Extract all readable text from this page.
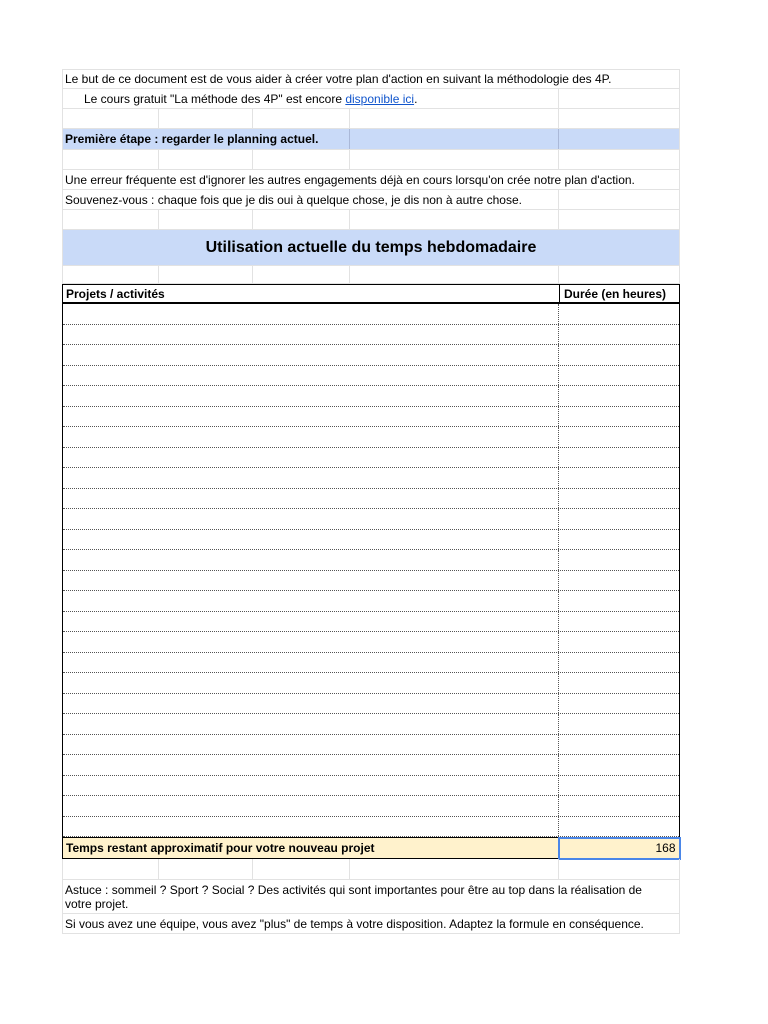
Le but de ce document est de vous aider à créer votre plan d'action en suivant la méthodologie des 4P.
Le cours gratuit "La méthode des 4P" est encore disponible ici.
Première étape : regarder le planning actuel.
Une erreur fréquente est d'ignorer les autres engagements déjà en cours lorsqu'on crée notre plan d'action.
Souvenez-vous : chaque fois que je dis oui à quelque chose, je dis non à autre chose.
Utilisation actuelle du temps hebdomadaire
Projets / activités	Durée (en heures)
Temps restant approximatif pour votre nouveau projet	168
Astuce : sommeil ? Sport ? Social ? Des activités qui sont importantes pour être au top dans la réalisation de votre projet.
Si vous avez une équipe, vous avez "plus" de temps à votre disposition. Adaptez la formule en conséquence.
